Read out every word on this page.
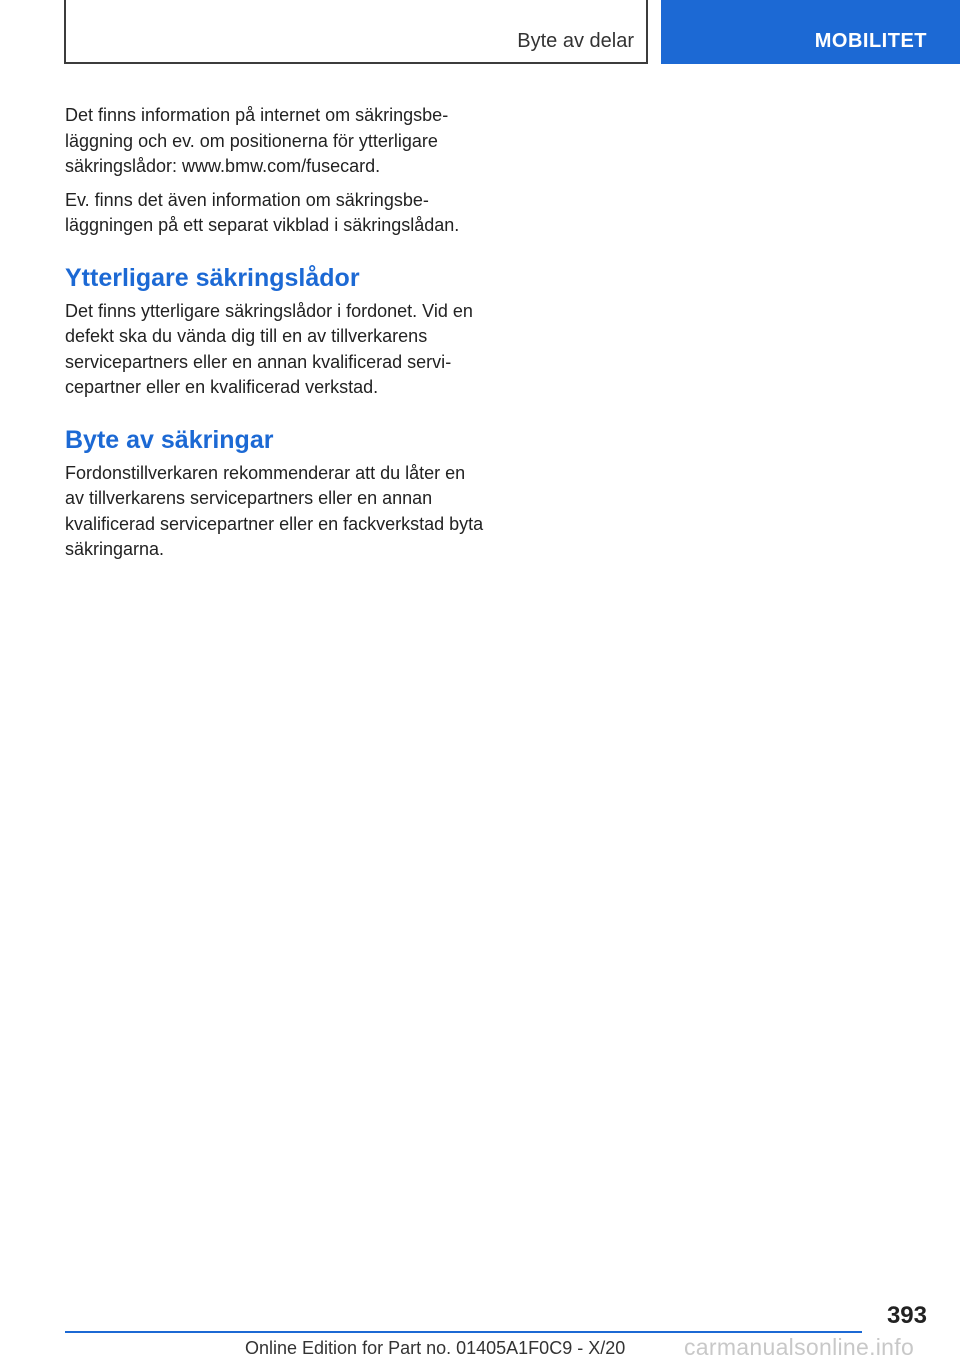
Byte av delar	MOBILITET

Det finns information på internet om säkringsbeläggning och ev. om positionerna för ytterligare säkringslådor: www.bmw.com/fusecard.

Ev. finns det även information om säkringsbeläggningen på ett separat vikblad i säkringslådan.

Ytterligare säkringslådor

Det finns ytterligare säkringslådor i fordonet. Vid en defekt ska du vända dig till en av tillverkarens servicepartners eller en annan kvalificerad servicepartner eller en kvalificerad verkstad.

Byte av säkringar

Fordonstillverkaren rekommenderar att du låter en av tillverkarens servicepartners eller en annan kvalificerad servicepartner eller en fackverkstad byta säkringarna.

393
Online Edition for Part no. 01405A1F0C9 - X/20	carmanualsonline.info
